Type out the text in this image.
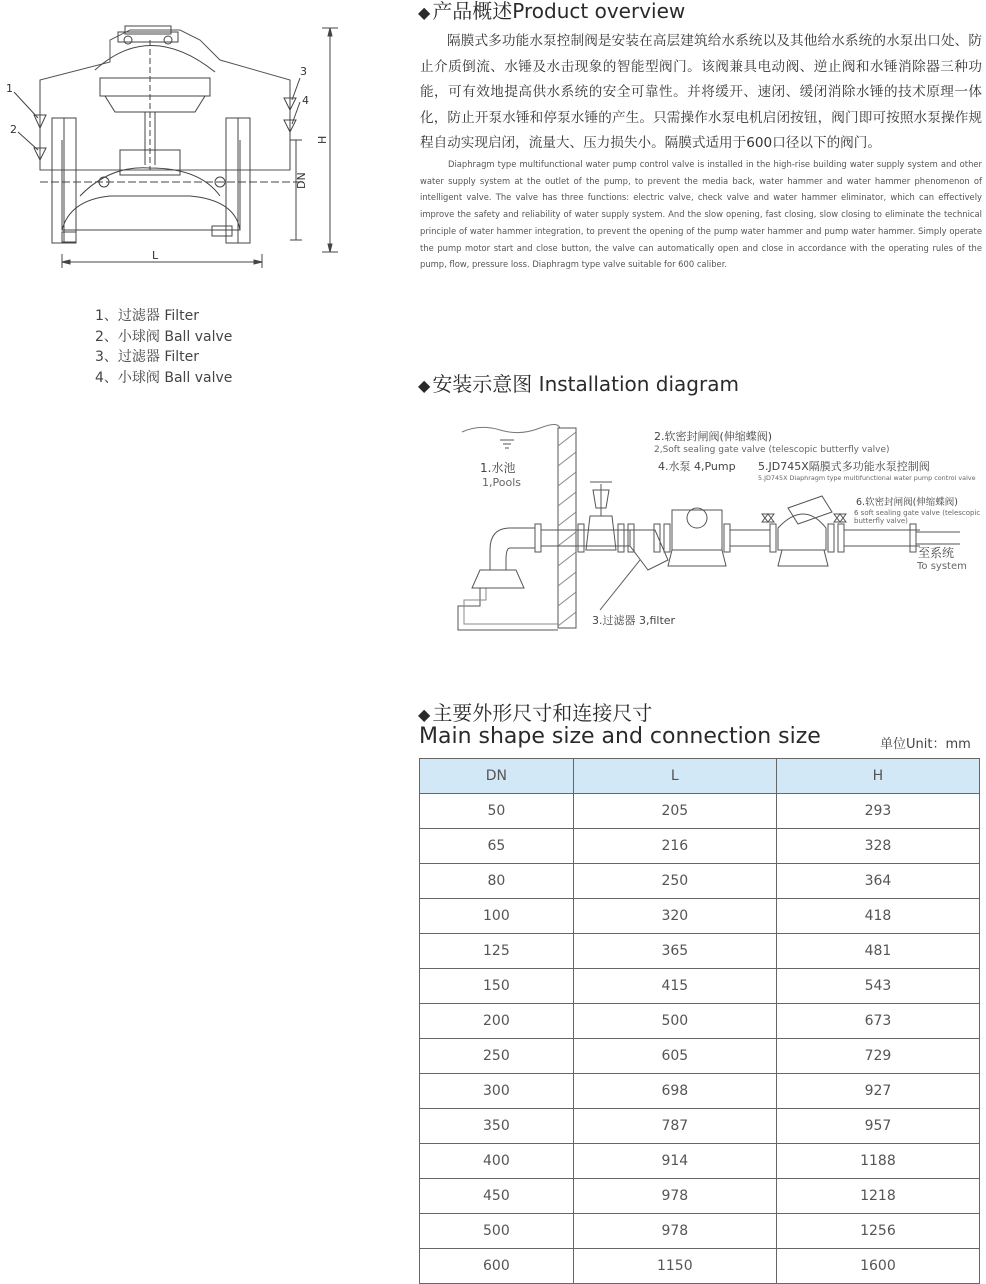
1
2
3
4
H
DN
L
1、过滤器 Filter
2、小球阀 Ball valve
3、过滤器 Filter
4、小球阀 Ball valve
◆ 产品概述Product overview
隔膜式多功能水泵控制阀是安装在高层建筑给水系统以及其他给水系统的水泵出口处、防止介质倒流、水锤及水击现象的智能型阀门。该阀兼具电动阀、逆止阀和水锤消除器三种功能，可有效地提高供水系统的安全可靠性。并将缓开、速闭、缓闭消除水锤的技术原理一体化，防止开泵水锤和停泵水锤的产生。只需操作水泵电机启闭按钮，阀门即可按照水泵操作规程自动实现启闭，流量大、压力损失小。隔膜式适用于600口径以下的阀门。
Diaphragm type multifunctional water pump control valve is installed in the high-rise building water supply system and other water supply system at the outlet of the pump, to prevent the media back, water hammer and water hammer phenomenon of intelligent valve. The valve has three functions: electric valve, check valve and water hammer eliminator, which can effectively improve the safety and reliability of water supply system. And the slow opening, fast closing, slow closing to eliminate the technical principle of water hammer integration, to prevent the opening of the pump water hammer and pump water hammer. Simply operate the pump motor start and close button, the valve can automatically open and close in accordance with the operating rules of the pump, flow, pressure loss. Diaphragm type valve suitable for 600 caliber.
◆ 安装示意图 Installation diagram
1.水池
1,Pools
2.软密封闸阀(伸缩蝶阀)
2,Soft sealing gate valve (telescopic butterfly valve)
4.水泵 4,Pump 5.JD745X隔膜式多功能水泵控制阀
5.JD745X Diaphragm type multifunctional water pump control valve
6.软密封闸阀(伸缩蝶阀)
6 soft sealing gate valve (telescopic
butterfly valve)
至系统
To system
3.过滤器 3,filter
◆ 主要外形尺寸和连接尺寸
Main shape size and connection size	单位Unit：mm
DN	L	H
50	205	293
65	216	328
80	250	364
100	320	418
125	365	481
150	415	543
200	500	673
250	605	729
300	698	927
350	787	957
400	914	1188
450	978	1218
500	978	1256
600	1150	1600
